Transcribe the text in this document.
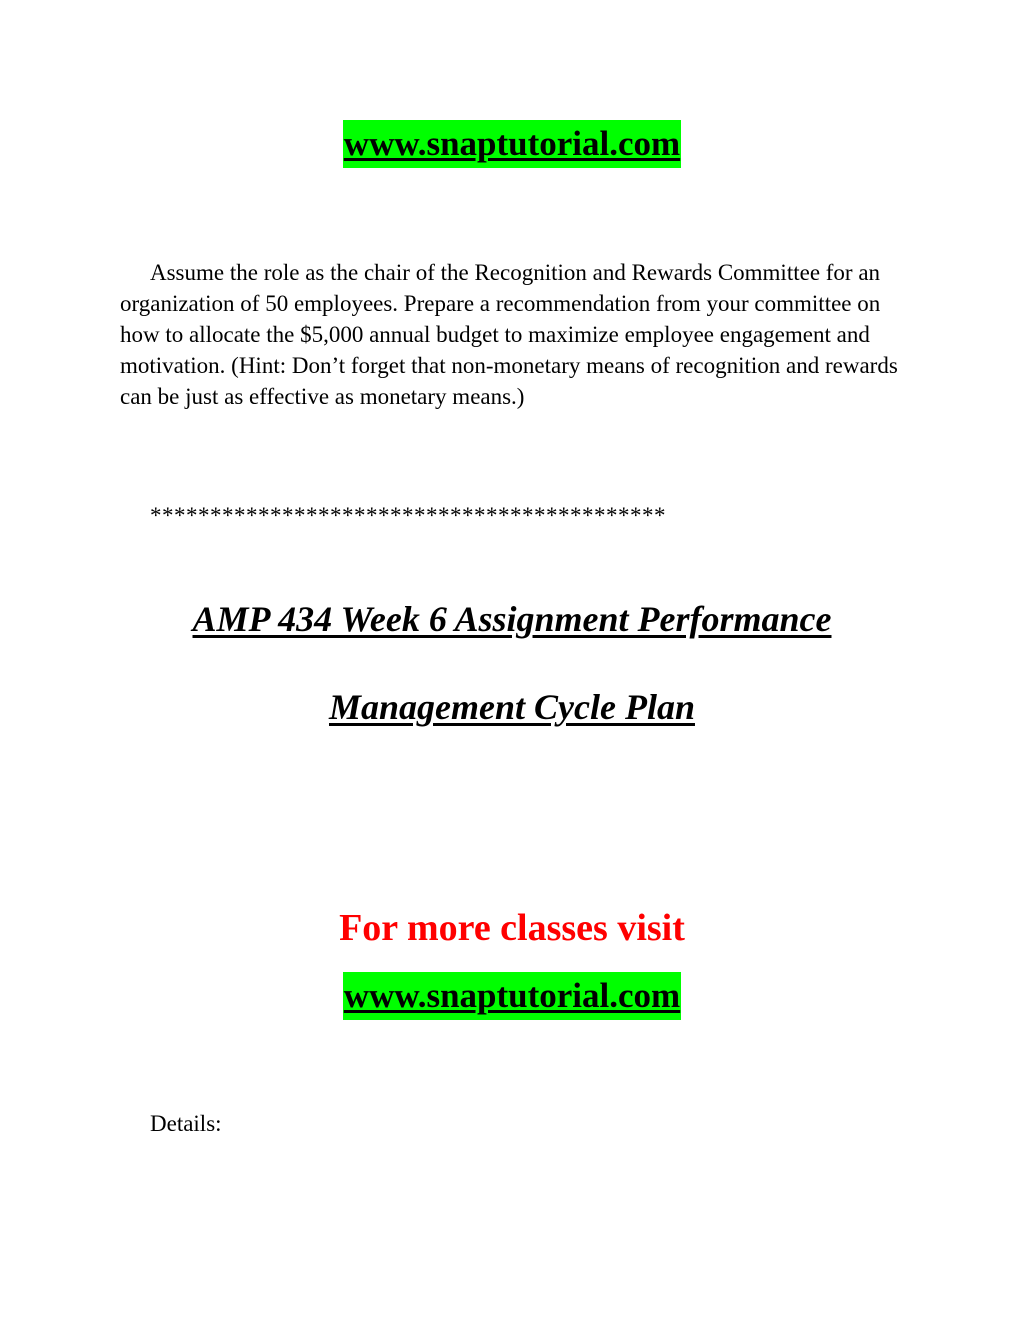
www.snaptutorial.com

Assume the role as the chair of the Recognition and Rewards Committee for an organization of 50 employees. Prepare a recommendation from your committee on how to allocate the $5,000 annual budget to maximize employee engagement and motivation. (Hint: Don’t forget that non-monetary means of recognition and rewards can be just as effective as monetary means.)

*******************************************
AMP 434 Week 6 Assignment Performance
Management Cycle Plan
For more classes visit
www.snaptutorial.com
Details:
